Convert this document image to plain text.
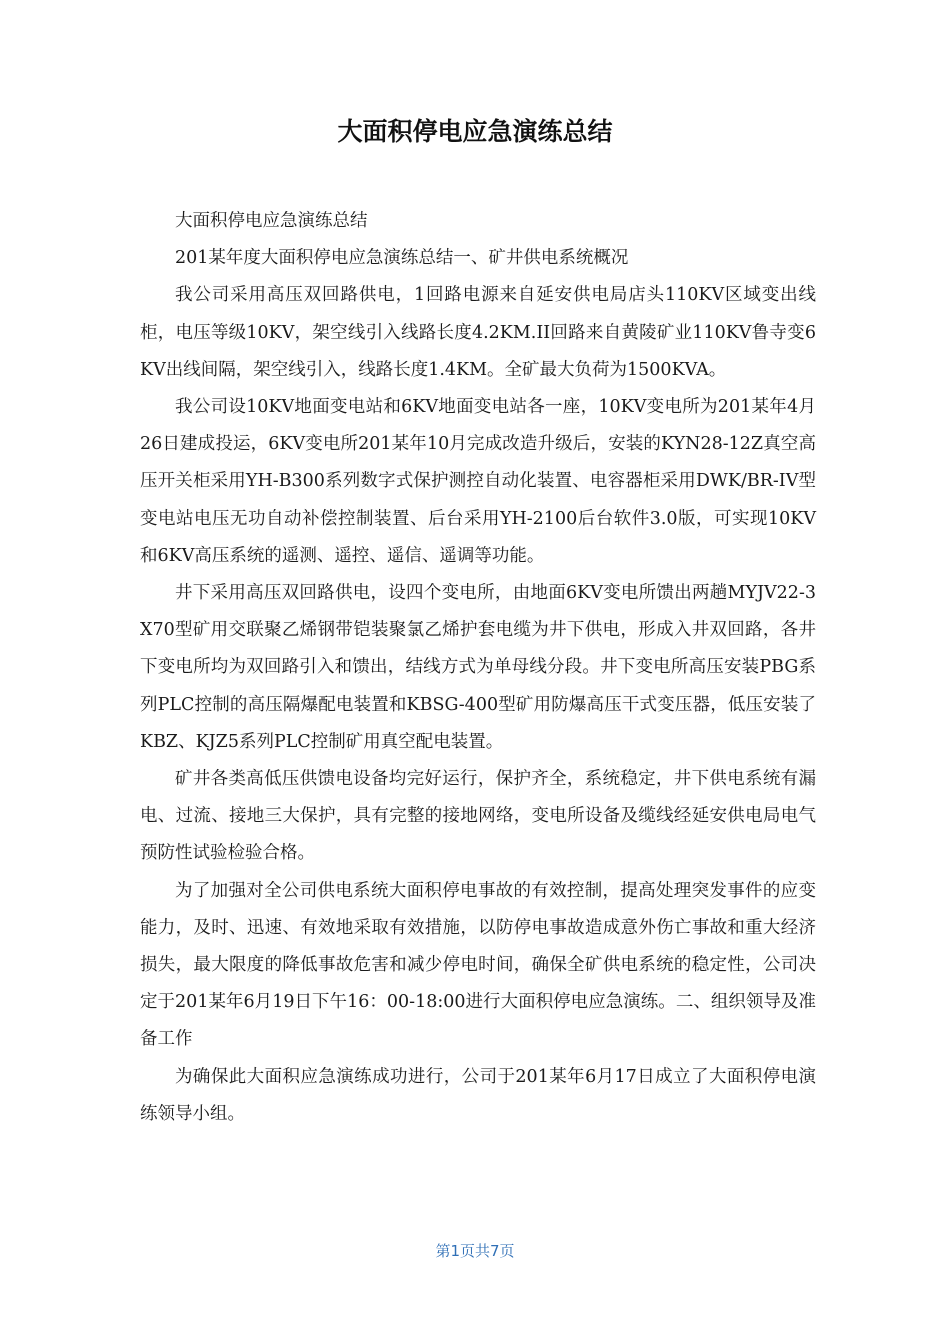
大面积停电应急演练总结

大面积停电应急演练总结

201某年度大面积停电应急演练总结一、矿井供电系统概况

我公司采用高压双回路供电，1回路电源来自延安供电局店头110KV区域变出线柜，电压等级10KV，架空线引入线路长度4.2KM.II回路来自黄陵矿业110KV鲁寺变6KV出线间隔，架空线引入，线路长度1.4KM。全矿最大负荷为1500KVA。

我公司设10KV地面变电站和6KV地面变电站各一座，10KV变电所为201某年4月26日建成投运，6KV变电所201某年10月完成改造升级后，安装的KYN28-12Z真空高压开关柜采用YH-B300系列数字式保护测控自动化装置、电容器柜采用DWK/BR-IV型变电站电压无功自动补偿控制装置、后台采用YH-2100后台软件3.0版，可实现10KV和6KV高压系统的遥测、遥控、遥信、遥调等功能。

井下采用高压双回路供电，设四个变电所，由地面6KV变电所馈出两趟MYJV22-3X70型矿用交联聚乙烯钢带铠装聚氯乙烯护套电缆为井下供电，形成入井双回路，各井下变电所均为双回路引入和馈出，结线方式为单母线分段。井下变电所高压安装PBG系列PLC控制的高压隔爆配电装置和KBSG-400型矿用防爆高压干式变压器，低压安装了KBZ、KJZ5系列PLC控制矿用真空配电装置。

矿井各类高低压供馈电设备均完好运行，保护齐全，系统稳定，井下供电系统有漏电、过流、接地三大保护，具有完整的接地网络，变电所设备及缆线经延安供电局电气预防性试验检验合格。

为了加强对全公司供电系统大面积停电事故的有效控制，提高处理突发事件的应变能力，及时、迅速、有效地采取有效措施，以防停电事故造成意外伤亡事故和重大经济损失，最大限度的降低事故危害和减少停电时间，确保全矿供电系统的稳定性，公司决定于201某年6月19日下午16：00-18:00进行大面积停电应急演练。二、组织领导及准备工作

为确保此大面积应急演练成功进行，公司于201某年6月17日成立了大面积停电演练领导小组。

第1页共7页
